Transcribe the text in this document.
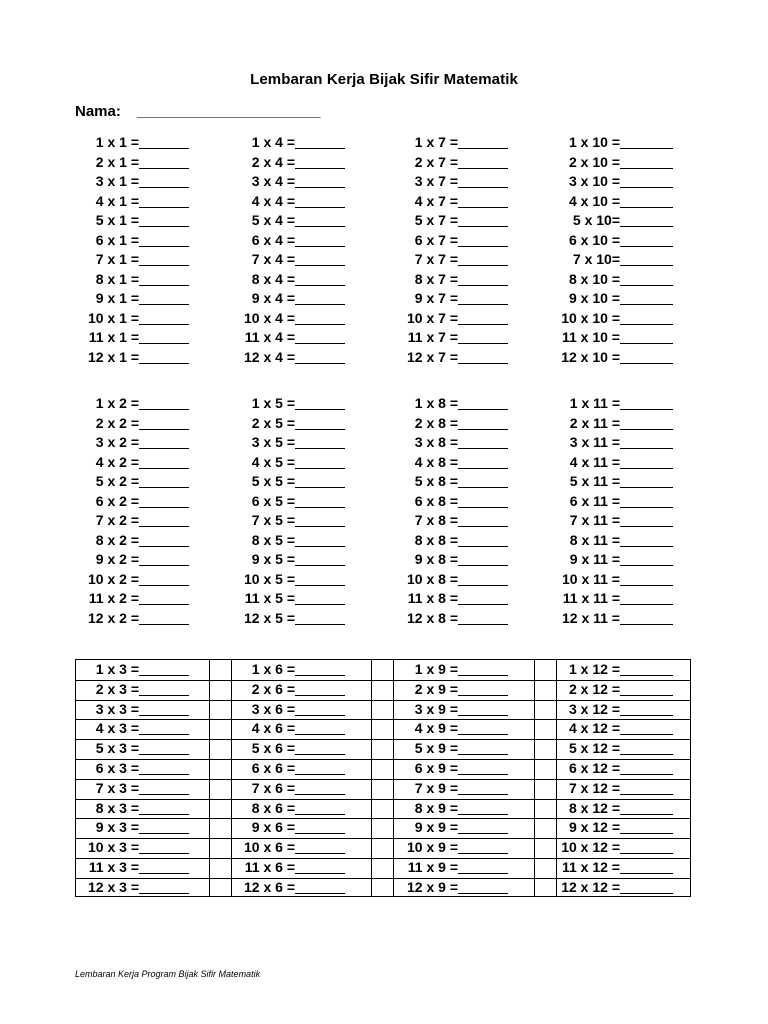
Lembaran Kerja Bijak Sifir Matematik
Nama: ______________________
1 x 1 =
2 x 1 =
3 x 1 =
4 x 1 =
5 x 1 =
6 x 1 =
7 x 1 =
8 x 1 =
9 x 1 =
10 x 1 =
11 x 1 =
12 x 1 =
1 x 4 =
2 x 4 =
3 x 4 =
4 x 4 =
5 x 4 =
6 x 4 =
7 x 4 =
8 x 4 =
9 x 4 =
10 x 4 =
11 x 4 =
12 x 4 =
1 x 7 =
2 x 7 =
3 x 7 =
4 x 7 =
5 x 7 =
6 x 7 =
7 x 7 =
8 x 7 =
9 x 7 =
10 x 7 =
11 x 7 =
12 x 7 =
1 x 10 =
2 x 10 =
3 x 10 =
4 x 10 =
5 x 10=
6 x 10 =
7 x 10=
8 x 10 =
9 x 10 =
10 x 10 =
11 x 10 =
12 x 10 =
1 x 2 =
2 x 2 =
3 x 2 =
4 x 2 =
5 x 2 =
6 x 2 =
7 x 2 =
8 x 2 =
9 x 2 =
10 x 2 =
11 x 2 =
12 x 2 =
1 x 5 =
2 x 5 =
3 x 5 =
4 x 5 =
5 x 5 =
6 x 5 =
7 x 5 =
8 x 5 =
9 x 5 =
10 x 5 =
11 x 5 =
12 x 5 =
1 x 8 =
2 x 8 =
3 x 8 =
4 x 8 =
5 x 8 =
6 x 8 =
7 x 8 =
8 x 8 =
9 x 8 =
10 x 8 =
11 x 8 =
12 x 8 =
1 x 11 =
2 x 11 =
3 x 11 =
4 x 11 =
5 x 11 =
6 x 11 =
7 x 11 =
8 x 11 =
9 x 11 =
10 x 11 =
11 x 11 =
12 x 11 =
1 x 3 =
2 x 3 =
3 x 3 =
4 x 3 =
5 x 3 =
6 x 3 =
7 x 3 =
8 x 3 =
9 x 3 =
10 x 3 =
11 x 3 =
12 x 3 =
1 x 6 =
2 x 6 =
3 x 6 =
4 x 6 =
5 x 6 =
6 x 6 =
7 x 6 =
8 x 6 =
9 x 6 =
10 x 6 =
11 x 6 =
12 x 6 =
1 x 9 =
2 x 9 =
3 x 9 =
4 x 9 =
5 x 9 =
6 x 9 =
7 x 9 =
8 x 9 =
9 x 9 =
10 x 9 =
11 x 9 =
12 x 9 =
1 x 12 =
2 x 12 =
3 x 12 =
4 x 12 =
5 x 12 =
6 x 12 =
7 x 12 =
8 x 12 =
9 x 12 =
10 x 12 =
11 x 12 =
12 x 12 =
Lembaran Kerja Program Bijak Sifir Matematik
